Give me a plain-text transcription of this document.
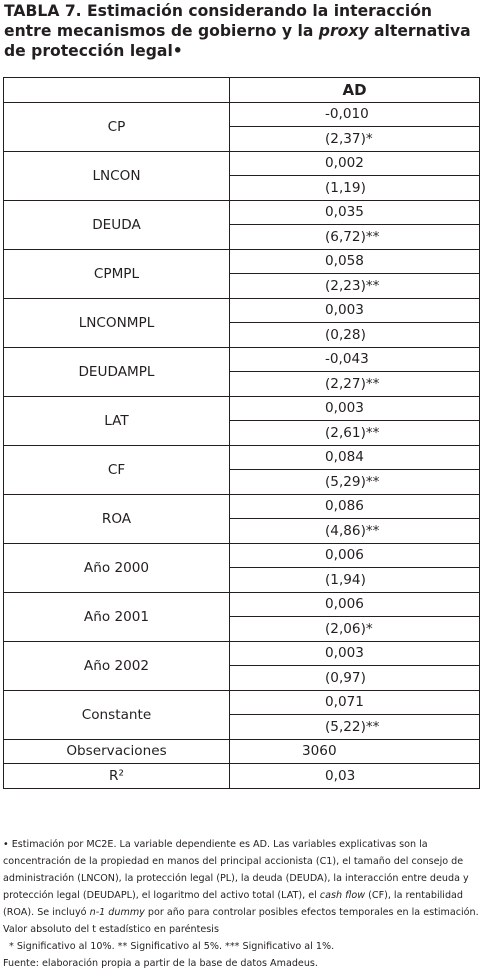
TABLA 7. Estimación considerando la interacción entre mecanismos de gobierno y la proxy alternativa de protección legal•
	AD
CP	-0,010
	(2,37)*
LNCON	0,002
	(1,19)
DEUDA	0,035
	(6,72)**
CPMPL	0,058
	(2,23)**
LNCONMPL	0,003
	(0,28)
DEUDAMPL	-0,043
	(2,27)**
LAT	0,003
	(2,61)**
CF	0,084
	(5,29)**
ROA	0,086
	(4,86)**
Año 2000	0,006
	(1,94)
Año 2001	0,006
	(2,06)*
Año 2002	0,003
	(0,97)
Constante	0,071
	(5,22)**
Observaciones	3060
R²	0,03

• Estimación por MC2E. La variable dependiente es AD. Las variables explicativas son la concentración de la propiedad en manos del principal accionista (C1), el tamaño del consejo de administración (LNCON), la protección legal (PL), la deuda (DEUDA), la interacción entre deuda y protección legal (DEUDAPL), el logaritmo del activo total (LAT), el cash flow (CF), la rentabilidad (ROA). Se incluyó n-1 dummy por año para controlar posibles efectos temporales en la estimación.

Valor absoluto del t estadístico en paréntesis

* Significativo al 10%. ** Significativo al 5%. *** Significativo al 1%.

Fuente: elaboración propia a partir de la base de datos Amadeus.
